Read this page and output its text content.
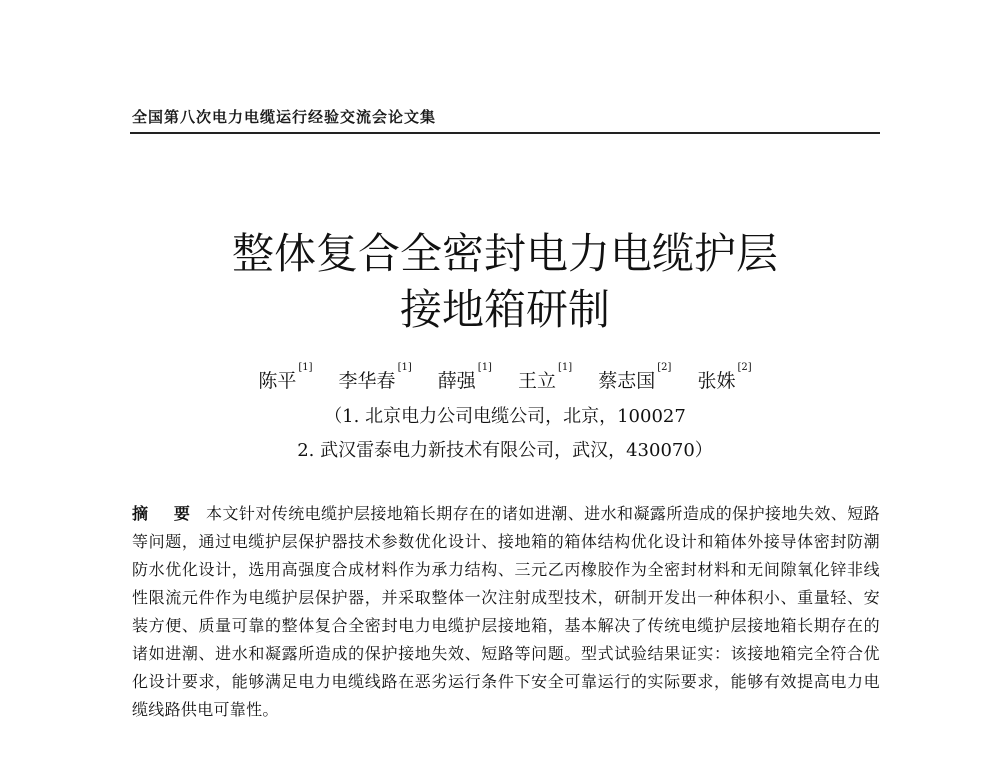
全国第八次电力电缆运行经验交流会论文集
整体复合全密封电力电缆护层
接地箱研制
陈平[1] 李华春[1] 薛强[1] 王立[1] 蔡志国[2] 张姝[2]
（1. 北京电力公司电缆公司，北京，100027
2. 武汉雷泰电力新技术有限公司，武汉，430070）
摘 要 本文针对传统电缆护层接地箱长期存在的诸如进潮、进水和凝露所造成的保护接地失效、短路等问题，通过电缆护层保护器技术参数优化设计、接地箱的箱体结构优化设计和箱体外接导体密封防潮防水优化设计，选用高强度合成材料作为承力结构、三元乙丙橡胶作为全密封材料和无间隙氧化锌非线性限流元件作为电缆护层保护器，并采取整体一次注射成型技术，研制开发出一种体积小、重量轻、安装方便、质量可靠的整体复合全密封电力电缆护层接地箱，基本解决了传统电缆护层接地箱长期存在的诸如进潮、进水和凝露所造成的保护接地失效、短路等问题。型式试验结果证实：该接地箱完全符合优化设计要求，能够满足电力电缆线路在恶劣运行条件下安全可靠运行的实际要求，能够有效提高电力电缆线路供电可靠性。
